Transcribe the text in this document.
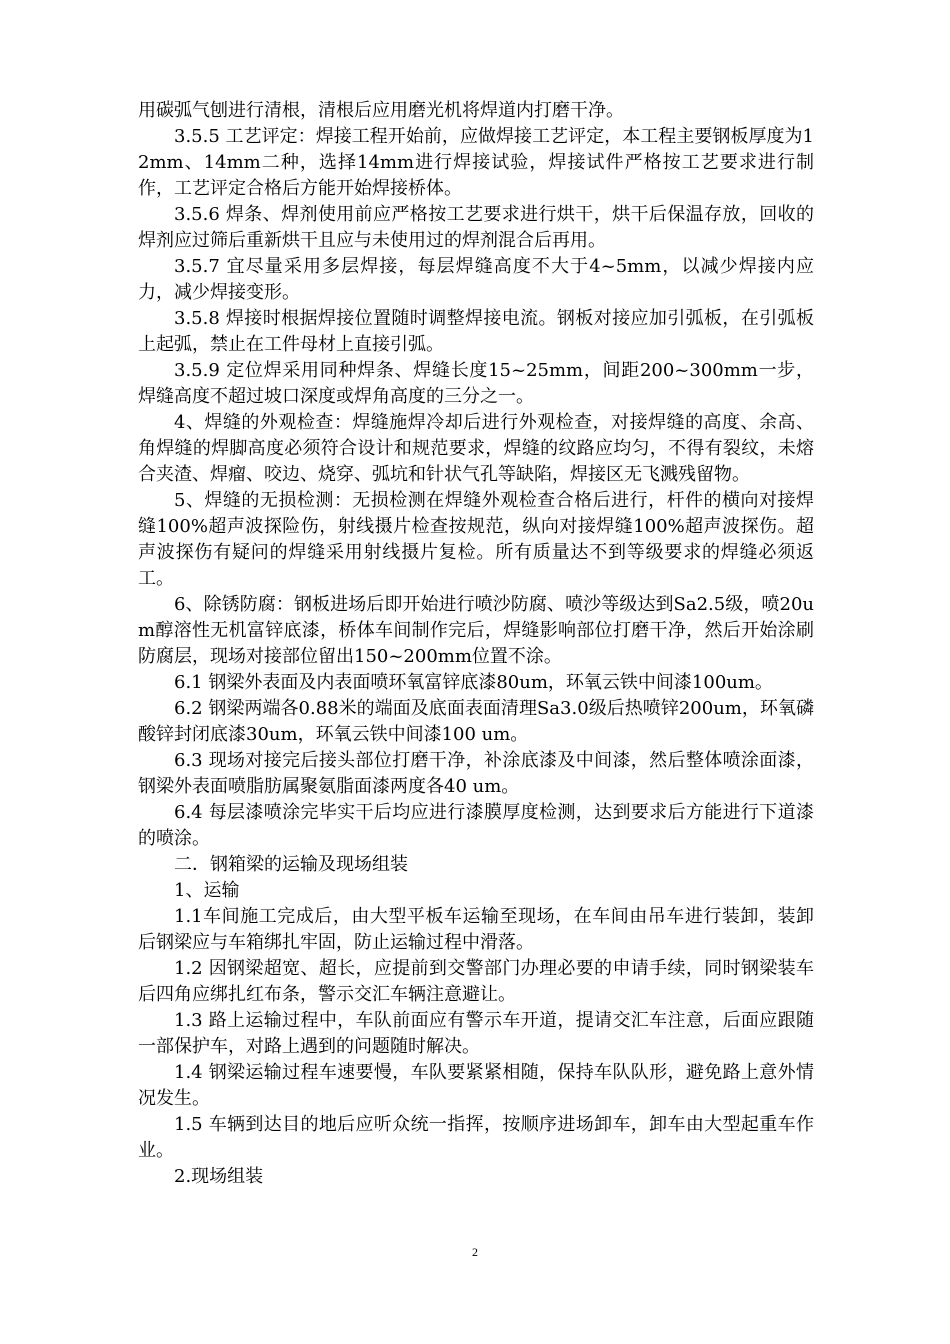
用碳弧气刨进行清根，清根后应用磨光机将焊道内打磨干净。

3.5.5 工艺评定：焊接工程开始前，应做焊接工艺评定，本工程主要钢板厚度为12mm、14mm二种，选择14mm进行焊接试验，焊接试件严格按工艺要求进行制作，工艺评定合格后方能开始焊接桥体。

3.5.6 焊条、焊剂使用前应严格按工艺要求进行烘干，烘干后保温存放，回收的焊剂应过筛后重新烘干且应与未使用过的焊剂混合后再用。

3.5.7 宜尽量采用多层焊接，每层焊缝高度不大于4~5mm，以减少焊接内应力，减少焊接变形。

3.5.8 焊接时根据焊接位置随时调整焊接电流。钢板对接应加引弧板，在引弧板上起弧，禁止在工件母材上直接引弧。

3.5.9 定位焊采用同种焊条、焊缝长度15~25mm，间距200~300mm一步，焊缝高度不超过坡口深度或焊角高度的三分之一。

4、焊缝的外观检查：焊缝施焊冷却后进行外观检查，对接焊缝的高度、余高、角焊缝的焊脚高度必须符合设计和规范要求，焊缝的纹路应均匀，不得有裂纹，未熔合夹渣、焊瘤、咬边、烧穿、弧坑和针状气孔等缺陷，焊接区无飞溅残留物。

5、焊缝的无损检测：无损检测在焊缝外观检查合格后进行，杆件的横向对接焊缝100%超声波探险伤，射线摄片检查按规范，纵向对接焊缝100%超声波探伤。超声波探伤有疑问的焊缝采用射线摄片复检。所有质量达不到等级要求的焊缝必须返工。

6、除锈防腐：钢板进场后即开始进行喷沙防腐、喷沙等级达到Sa2.5级，喷20um醇溶性无机富锌底漆，桥体车间制作完后，焊缝影响部位打磨干净，然后开始涂刷防腐层，现场对接部位留出150~200mm位置不涂。

6.1 钢梁外表面及内表面喷环氧富锌底漆80um，环氧云铁中间漆100um。

6.2 钢梁两端各0.88米的端面及底面表面清理Sa3.0级后热喷锌200um，环氧磷酸锌封闭底漆30um，环氧云铁中间漆100 um。

6.3 现场对接完后接头部位打磨干净，补涂底漆及中间漆，然后整体喷涂面漆，钢梁外表面喷脂肪属聚氨脂面漆两度各40 um。

6.4 每层漆喷涂完毕实干后均应进行漆膜厚度检测，达到要求后方能进行下道漆的喷涂。

二．钢箱梁的运输及现场组装

1、运输

1.1车间施工完成后，由大型平板车运输至现场，在车间由吊车进行装卸，装卸后钢梁应与车箱绑扎牢固，防止运输过程中滑落。

1.2 因钢梁超宽、超长，应提前到交警部门办理必要的申请手续，同时钢梁装车后四角应绑扎红布条，警示交汇车辆注意避让。

1.3 路上运输过程中，车队前面应有警示车开道，提请交汇车注意，后面应跟随一部保护车，对路上遇到的问题随时解决。

1.4 钢梁运输过程车速要慢，车队要紧紧相随，保持车队队形，避免路上意外情况发生。

1.5 车辆到达目的地后应听众统一指挥，按顺序进场卸车，卸车由大型起重车作业。

2.现场组装

2
